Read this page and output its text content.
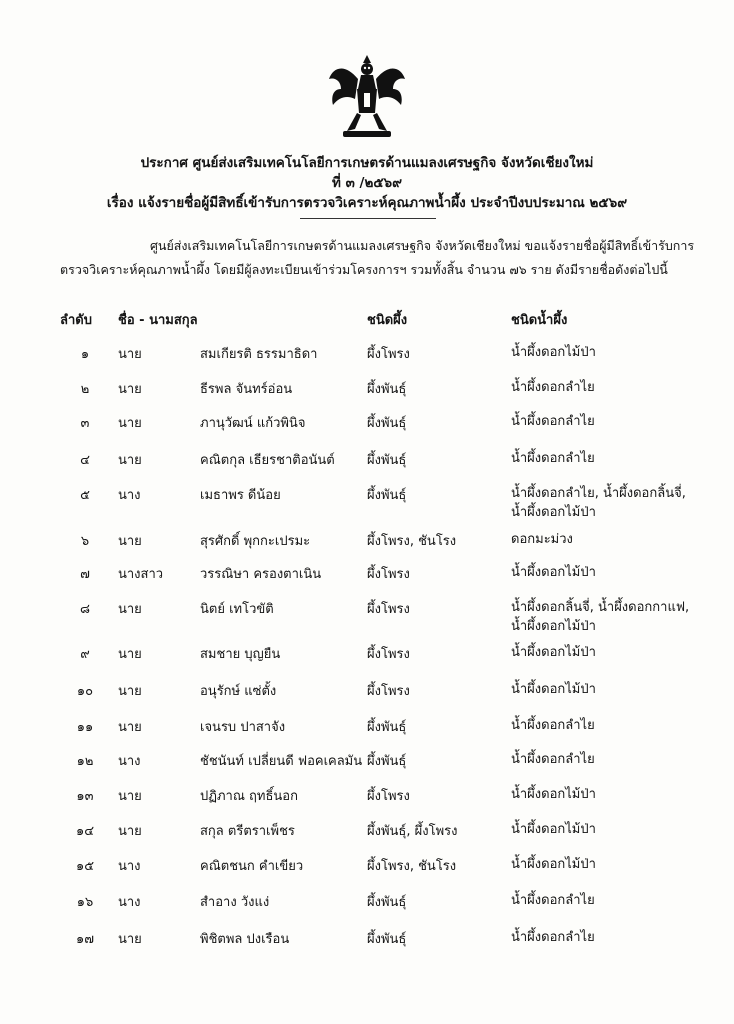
ประกาศ ศูนย์ส่งเสริมเทคโนโลยีการเกษตรด้านแมลงเศรษฐกิจ จังหวัดเชียงใหม่
ที่ ๓ /๒๕๖๙
เรื่อง แจ้งรายชื่อผู้มีสิทธิ์เข้ารับการตรวจวิเคราะห์คุณภาพน้ำผึ้ง ประจำปีงบประมาณ ๒๕๖๙
ศูนย์ส่งเสริมเทคโนโลยีการเกษตรด้านแมลงเศรษฐกิจ จังหวัดเชียงใหม่ ขอแจ้งรายชื่อผู้มีสิทธิ์เข้ารับการ
ตรวจวิเคราะห์คุณภาพน้ำผึ้ง โดยมีผู้ลงทะเบียนเข้าร่วมโครงการฯ รวมทั้งสิ้น จำนวน ๗๖ ราย ดังมีรายชื่อดังต่อไปนี้
ลำดับ ชื่อ - นามสกุล	ชนิดผึ้ง	ชนิดน้ำผึ้ง
๑	นาย	สมเกียรติ ธรรมาธิดา	ผึ้งโพรง	น้ำผึ้งดอกไม้ป่า
๒	นาย	ธีรพล จันทร์อ่อน	ผึ้งพันธุ์	น้ำผึ้งดอกลำไย
๓	นาย	ภานุวัฒน์ แก้วพินิจ	ผึ้งพันธุ์	น้ำผึ้งดอกลำไย
๔	นาย	คณิตกุล เธียรชาติอนันต์ ผึ้งพันธุ์	น้ำผึ้งดอกลำไย
๕	นาง	เมธาพร ดีน้อย	ผึ้งพันธุ์	น้ำผึ้งดอกลำไย, น้ำผึ้งดอกลิ้นจี่,
น้ำผึ้งดอกไม้ป่า
๖	นาย	สุรศักดิ์ พุกกะเปรมะ	ผึ้งโพรง, ชันโรง	ดอกมะม่วง
๗	นางสาว	วรรณิษา ครองตาเนิน	ผึ้งโพรง	น้ำผึ้งดอกไม้ป่า
๘	นาย	นิตย์ เทโวขัติ	ผึ้งโพรง	น้ำผึ้งดอกลิ้นจี่, น้ำผึ้งดอกกาแฟ,
น้ำผึ้งดอกไม้ป่า
๙	นาย	สมชาย บุญยืน	ผึ้งโพรง	น้ำผึ้งดอกไม้ป่า
๑๐	นาย	อนุรักษ์ แซ่ตั้ง	ผึ้งโพรง	น้ำผึ้งดอกไม้ป่า
๑๑	นาย	เจนรบ ปาสาจัง	ผึ้งพันธุ์	น้ำผึ้งดอกลำไย
๑๒	นาง	ชัชนันท์ เปลี่ยนดี ฟอคเคลมัน ผึ้งพันธุ์	น้ำผึ้งดอกลำไย
๑๓	นาย	ปฏิภาณ ฤทธิ์นอก	ผึ้งโพรง	น้ำผึ้งดอกไม้ป่า
๑๔	นาย	สกุล ตรีตราเพ็ชร	ผึ้งพันธุ์, ผึ้งโพรง	น้ำผึ้งดอกไม้ป่า
๑๕	นาง	คณิตชนก คำเขียว	ผึ้งโพรง, ชันโรง	น้ำผึ้งดอกไม้ป่า
๑๖	นาง	สำอาง วังแง่	ผึ้งพันธุ์	น้ำผึ้งดอกลำไย
๑๗	นาย	พิชิตพล ปงเรือน	ผึ้งพันธุ์	น้ำผึ้งดอกลำไย
